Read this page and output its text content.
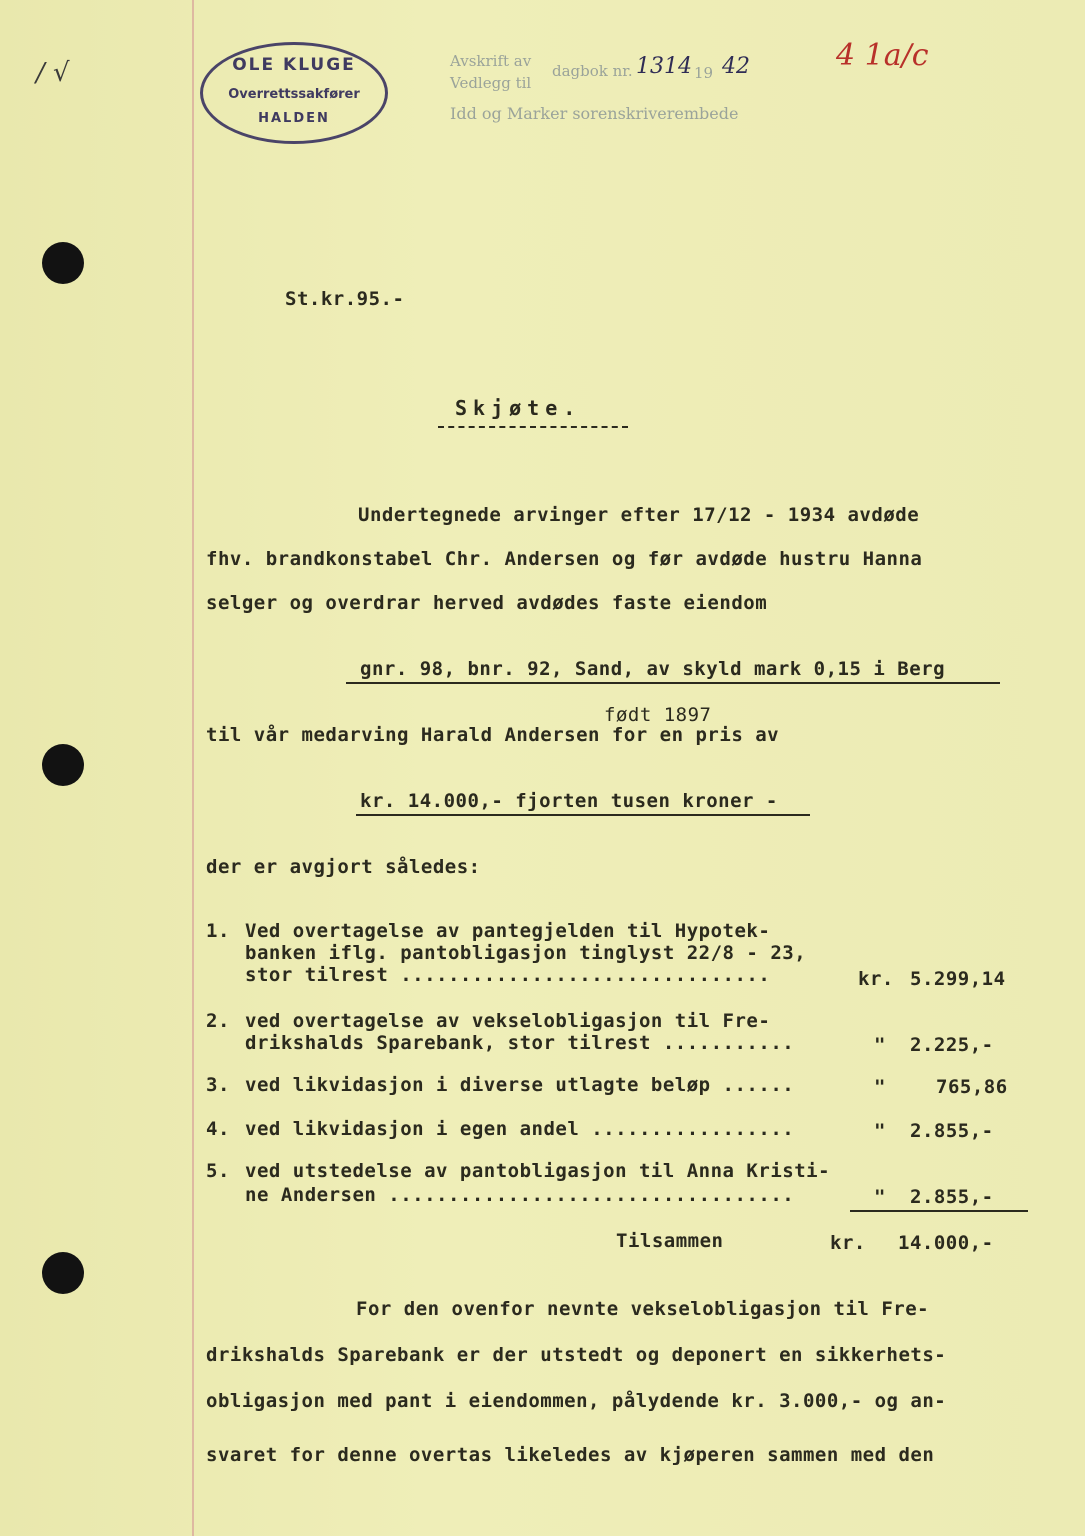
/ √	OLE KLUGE
Overrettssakfører
HALDEN
Avskrift av
Vedlegg til
dagbok nr. 1314 19 42	4 1a/c
Idd og Marker sorenskriverembede
St.kr.95.-
Skjøte.
Undertegnede arvinger efter 17/12 - 1934 avdøde
fhv. brandkonstabel Chr. Andersen og før avdøde hustru Hanna
selger og overdrar herved avdødes faste eiendom
gnr. 98, bnr. 92, Sand, av skyld mark 0,15 i Berg
født 1897
til vår medarving Harald Andersen for en pris av
kr. 14.000,- fjorten tusen kroner -
der er avgjort således:
1. Ved overtagelse av pantegjelden til Hypotek-
banken iflg. pantobligasjon tinglyst 22/8 - 23,
stor tilrest ...............................	kr. 5.299,14
2. ved overtagelse av vekselobligasjon til Fre-
drikshalds Sparebank, stor tilrest ...........	" 2.225,-
3. ved likvidasjon i diverse utlagte beløp ......	"	765,86
4. ved likvidasjon i egen andel .................	" 2.855,-
5. ved utstedelse av pantobligasjon til Anna Kristi-
ne Andersen ..................................	" 2.855,-
Tilsammen	kr. 14.000,-
For den ovenfor nevnte vekselobligasjon til Fre-
drikshalds Sparebank er der utstedt og deponert en sikkerhets-
obligasjon med pant i eiendommen, pålydende kr. 3.000,- og an-
svaret for denne overtas likeledes av kjøperen sammen med den
